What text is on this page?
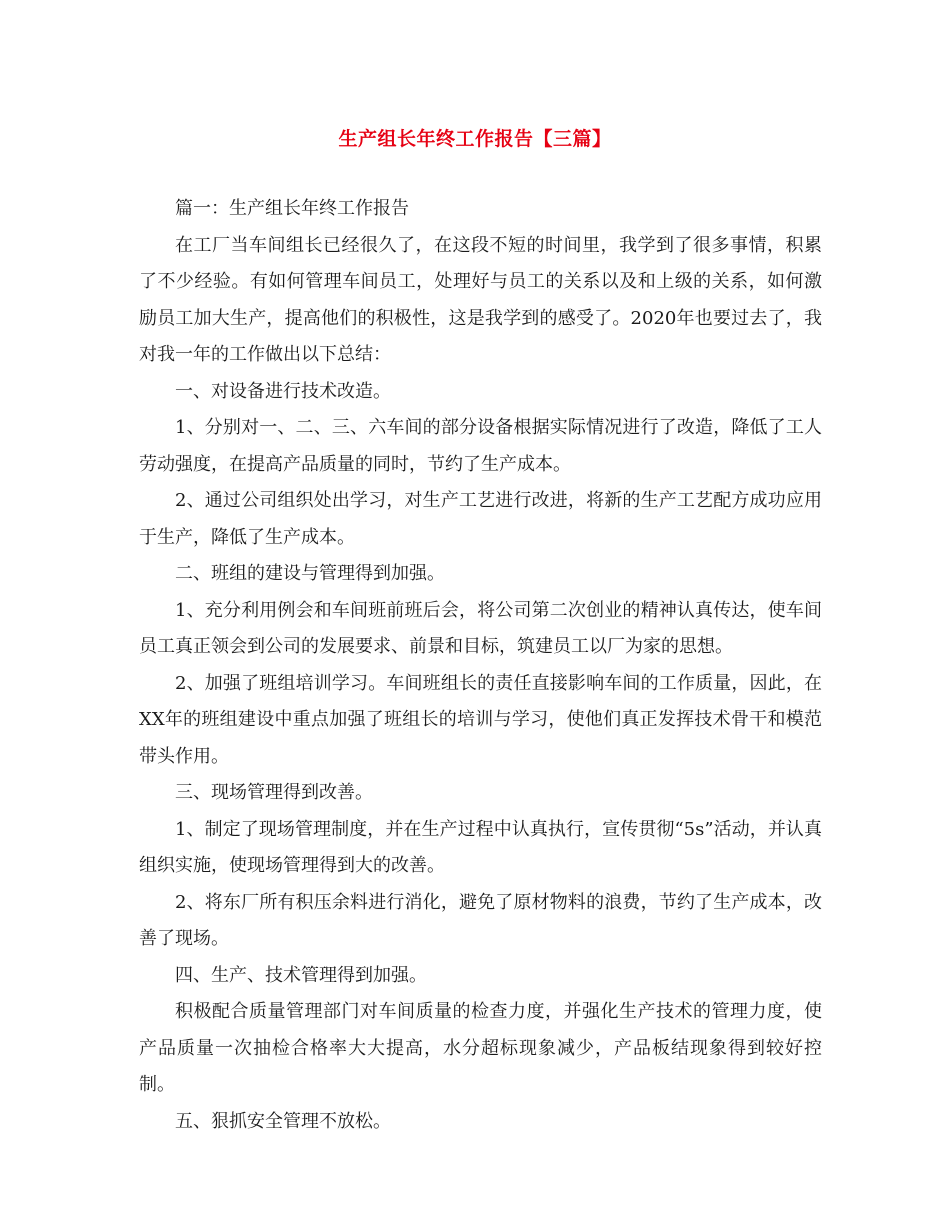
生产组长年终工作报告【三篇】

篇一：生产组长年终工作报告

在工厂当车间组长已经很久了，在这段不短的时间里，我学到了很多事情，积累了不少经验。有如何管理车间员工，处理好与员工的关系以及和上级的关系，如何激励员工加大生产，提高他们的积极性，这是我学到的感受了。2020年也要过去了，我对我一年的工作做出以下总结：

一、对设备进行技术改造。

1、分别对一、二、三、六车间的部分设备根据实际情况进行了改造，降低了工人劳动强度，在提高产品质量的同时，节约了生产成本。

2、通过公司组织处出学习，对生产工艺进行改进，将新的生产工艺配方成功应用于生产，降低了生产成本。

二、班组的建设与管理得到加强。

1、充分利用例会和车间班前班后会，将公司第二次创业的精神认真传达，使车间员工真正领会到公司的发展要求、前景和目标，筑建员工以厂为家的思想。

2、加强了班组培训学习。车间班组长的责任直接影响车间的工作质量，因此，在XX年的班组建设中重点加强了班组长的培训与学习，使他们真正发挥技术骨干和模范带头作用。

三、现场管理得到改善。

1、制定了现场管理制度，并在生产过程中认真执行，宣传贯彻“5s”活动，并认真组织实施，使现场管理得到大的改善。

2、将东厂所有积压余料进行消化，避免了原材物料的浪费，节约了生产成本，改善了现场。

四、生产、技术管理得到加强。

积极配合质量管理部门对车间质量的检查力度，并强化生产技术的管理力度，使产品质量一次抽检合格率大大提高，水分超标现象减少，产品板结现象得到较好控制。

五、狠抓安全管理不放松。
